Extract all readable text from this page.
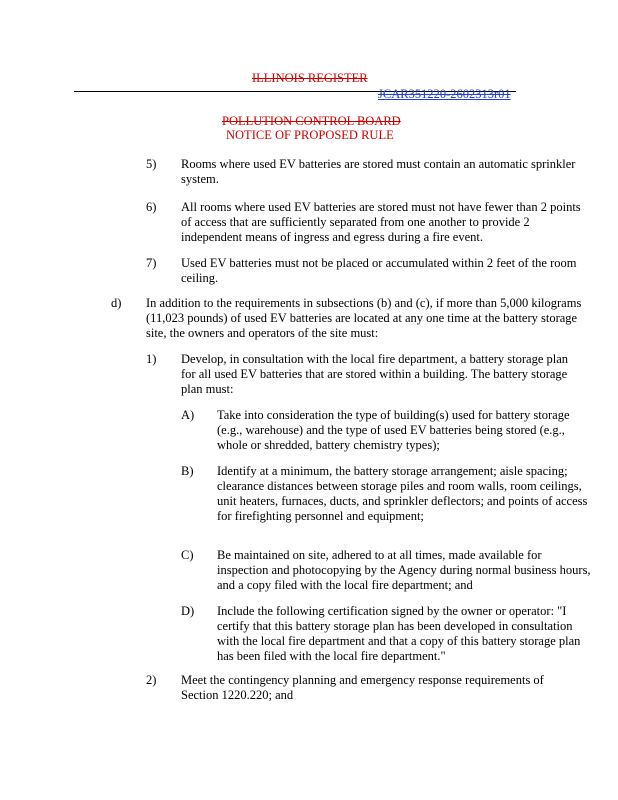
ILLINOIS REGISTER
JCAR351220-2602313r01
POLLUTION CONTROL BOARD
NOTICE OF PROPOSED RULE
5) Rooms where used EV batteries are stored must contain an automatic sprinkler system.
6) All rooms where used EV batteries are stored must not have fewer than 2 points of access that are sufficiently separated from one another to provide 2 independent means of ingress and egress during a fire event.
7) Used EV batteries must not be placed or accumulated within 2 feet of the room ceiling.
d) In addition to the requirements in subsections (b) and (c), if more than 5,000 kilograms (11,023 pounds) of used EV batteries are located at any one time at the battery storage site, the owners and operators of the site must:
1) Develop, in consultation with the local fire department, a battery storage plan for all used EV batteries that are stored within a building. The battery storage plan must:
A) Take into consideration the type of building(s) used for battery storage (e.g., warehouse) and the type of used EV batteries being stored (e.g., whole or shredded, battery chemistry types);
B) Identify at a minimum, the battery storage arrangement; aisle spacing; clearance distances between storage piles and room walls, room ceilings, unit heaters, furnaces, ducts, and sprinkler deflectors; and points of access for firefighting personnel and equipment;
C) Be maintained on site, adhered to at all times, made available for inspection and photocopying by the Agency during normal business hours, and a copy filed with the local fire department; and
D) Include the following certification signed by the owner or operator: "I certify that this battery storage plan has been developed in consultation with the local fire department and that a copy of this battery storage plan has been filed with the local fire department."
2) Meet the contingency planning and emergency response requirements of Section 1220.220; and
